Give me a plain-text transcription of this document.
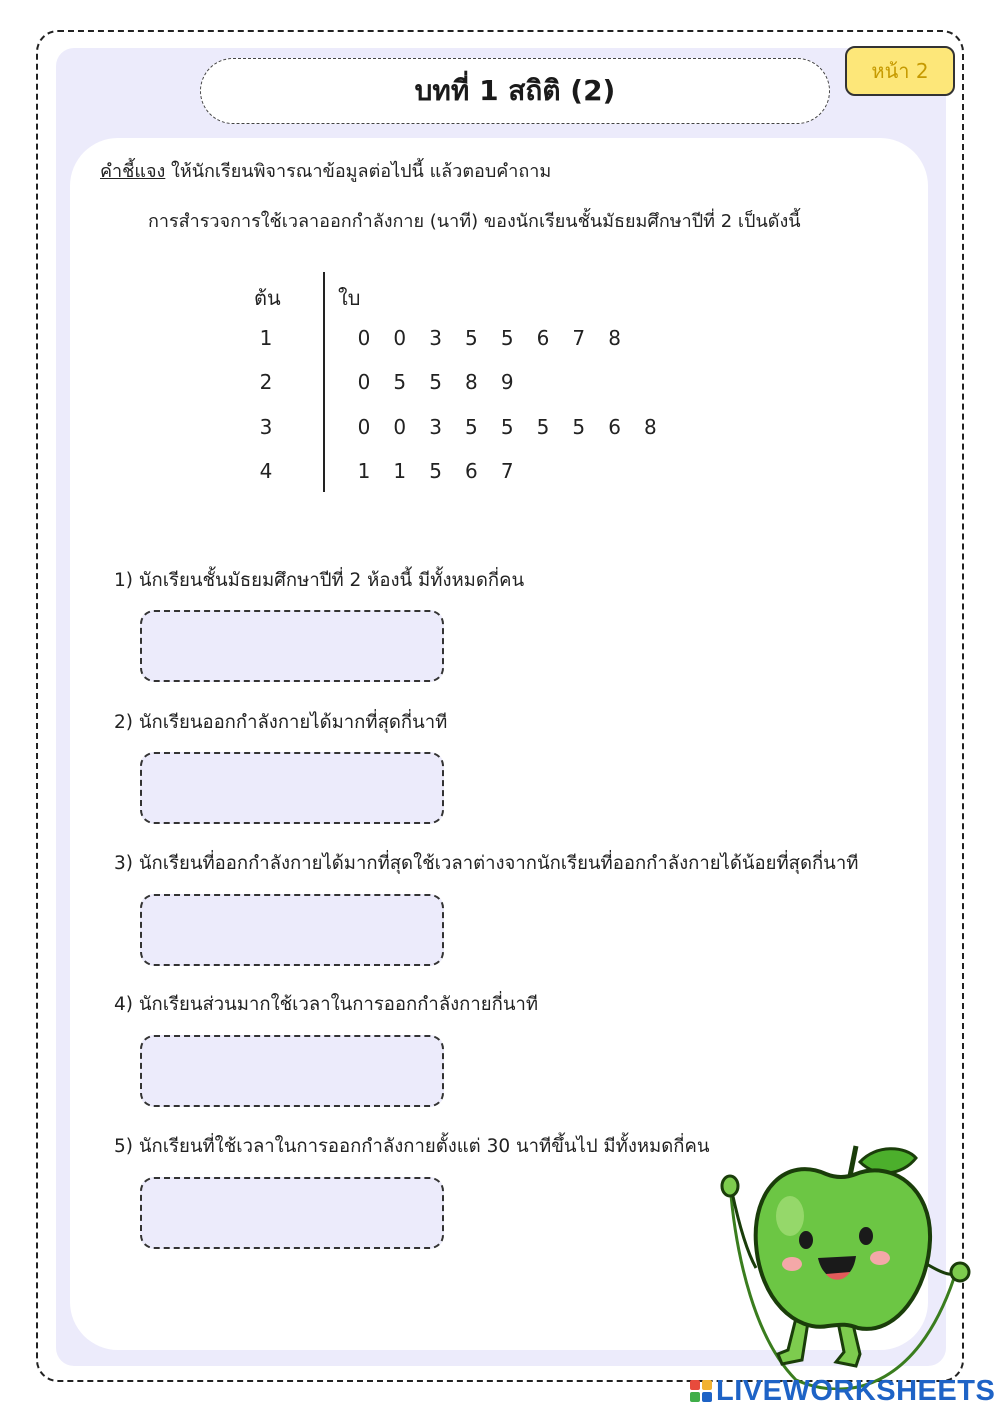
บทที่ 1 สถิติ (2)
หน้า 2
คำชี้แจง ให้นักเรียนพิจารณาข้อมูลต่อไปนี้ แล้วตอบคำถาม
การสำรวจการใช้เวลาออกกำลังกาย (นาที) ของนักเรียนชั้นมัธยมศึกษาปีที่ 2 เป็นดังนี้
ต้น	ใบ
1	0 0 3 5 5 6 7 8
2	0 5 5 8 9
3	0 0 3 5 5 5 5 6 8
4	1 1 5 6 7
1) นักเรียนชั้นมัธยมศึกษาปีที่ 2 ห้องนี้ มีทั้งหมดกี่คน
2) นักเรียนออกกำลังกายได้มากที่สุดกี่นาที
3) นักเรียนที่ออกกำลังกายได้มากที่สุดใช้เวลาต่างจากนักเรียนที่ออกกำลังกายได้น้อยที่สุดกี่นาที
4) นักเรียนส่วนมากใช้เวลาในการออกกำลังกายกี่นาที
5) นักเรียนที่ใช้เวลาในการออกกำลังกายตั้งแต่ 30 นาทีขึ้นไป มีทั้งหมดกี่คน
LIVEWORKSHEETS
